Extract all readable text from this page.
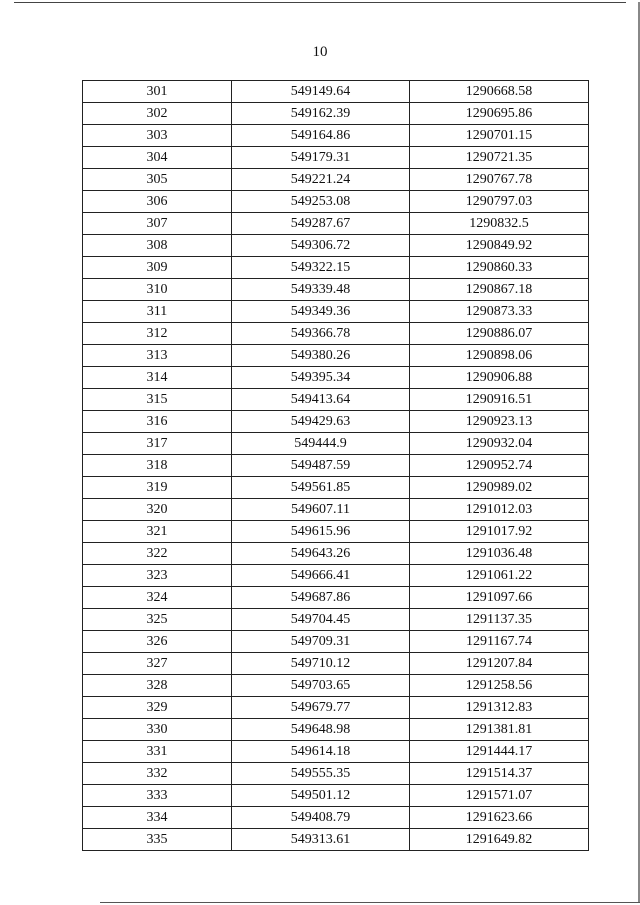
10
301	549149.64	1290668.58
302	549162.39	1290695.86
303	549164.86	1290701.15
304	549179.31	1290721.35
305	549221.24	1290767.78
306	549253.08	1290797.03
307	549287.67	1290832.5
308	549306.72	1290849.92
309	549322.15	1290860.33
310	549339.48	1290867.18
311	549349.36	1290873.33
312	549366.78	1290886.07
313	549380.26	1290898.06
314	549395.34	1290906.88
315	549413.64	1290916.51
316	549429.63	1290923.13
317	549444.9	1290932.04
318	549487.59	1290952.74
319	549561.85	1290989.02
320	549607.11	1291012.03
321	549615.96	1291017.92
322	549643.26	1291036.48
323	549666.41	1291061.22
324	549687.86	1291097.66
325	549704.45	1291137.35
326	549709.31	1291167.74
327	549710.12	1291207.84
328	549703.65	1291258.56
329	549679.77	1291312.83
330	549648.98	1291381.81
331	549614.18	1291444.17
332	549555.35	1291514.37
333	549501.12	1291571.07
334	549408.79	1291623.66
335	549313.61	1291649.82
